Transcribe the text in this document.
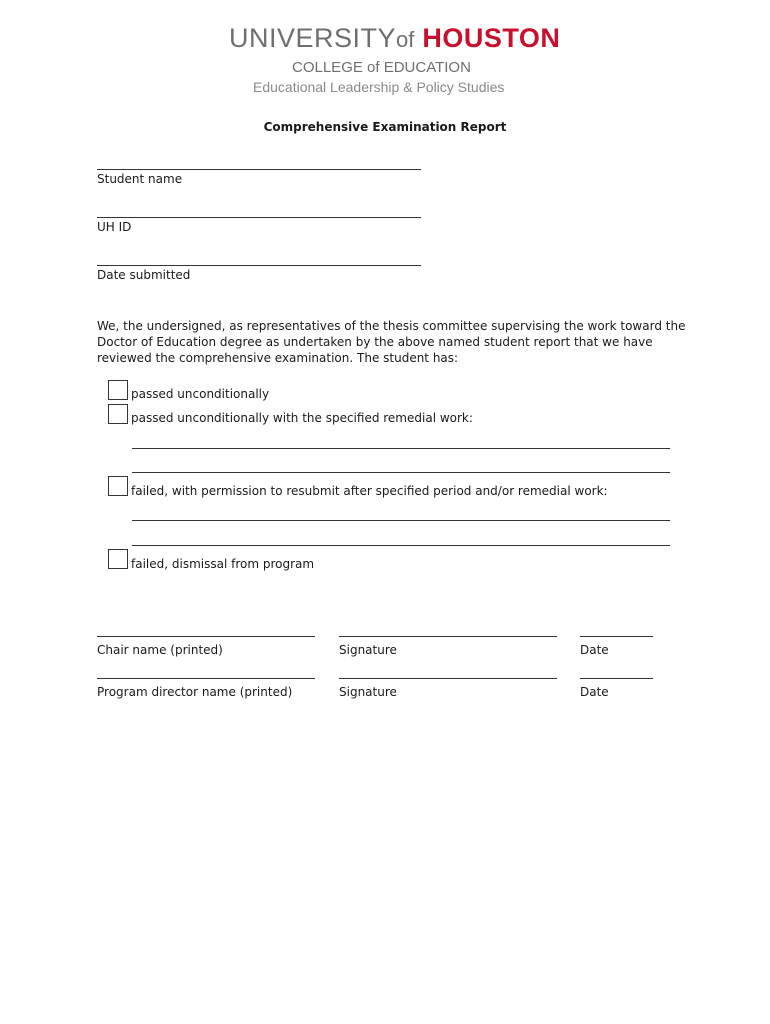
UNIVERSITYof HOUSTON
COLLEGE of EDUCATION
Educational Leadership & Policy Studies
Comprehensive Examination Report
Student name
UH ID
Date submitted
We, the undersigned, as representatives of the thesis committee supervising the work toward the Doctor of Education degree as undertaken by the above named student report that we have reviewed the comprehensive examination. The student has:
passed unconditionally
passed unconditionally with the specified remedial work:
failed, with permission to resubmit after specified period and/or remedial work:
failed, dismissal from program
Chair name (printed)	Signature	Date
Program director name (printed)	Signature	Date
